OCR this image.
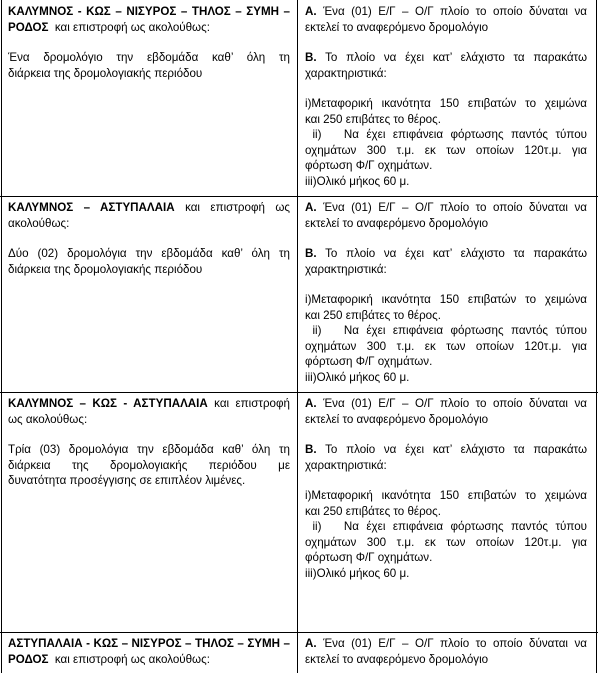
ΚΑΛΥΜΝΟΣ - ΚΩΣ – ΝΙΣΥΡΟΣ – ΤΗΛΟΣ – ΣΥΜΗ –
ΡΟΔΟΣ και επιστροφή ως ακολούθως:
Ένα δρομολόγιο την εβδομάδα καθ’ όλη τη
διάρκεια της δρομολογιακής περιόδου
Α. Ένα (01) Ε/Γ – Ο/Γ πλοίο το οποίο δύναται να
εκτελεί το αναφερόμενο δρομολόγιο
Β. Το πλοίο να έχει κατ’ ελάχιστο τα παρακάτω
χαρακτηριστικά:
i)Μεταφορική ικανότητα 150 επιβατών το χειμώνα
και 250 επιβάτες το θέρος.
ii)   Να έχει επιφάνεια φόρτωσης παντός τύπου
οχημάτων 300 τ.μ. εκ των οποίων 120τ.μ. για
φόρτωση Φ/Γ οχημάτων.
iii)Ολικό μήκος 60 μ.
ΚΑΛΥΜΝΟΣ – ΑΣΤΥΠΑΛΑΙΑ και επιστροφή ως
ακολούθως:
Δύο (02) δρομολόγια την εβδομάδα καθ’ όλη τη
διάρκεια της δρομολογιακής περιόδου
Α. Ένα (01) Ε/Γ – Ο/Γ πλοίο το οποίο δύναται να
εκτελεί το αναφερόμενο δρομολόγιο
Β. Το πλοίο να έχει κατ’ ελάχιστο τα παρακάτω
χαρακτηριστικά:
i)Μεταφορική ικανότητα 150 επιβατών το χειμώνα
και 250 επιβάτες το θέρος.
ii)   Να έχει επιφάνεια φόρτωσης παντός τύπου
οχημάτων 300 τ.μ. εκ των οποίων 120τ.μ. για
φόρτωση Φ/Γ οχημάτων.
iii)Ολικό μήκος 60 μ.
ΚΑΛΥΜΝΟΣ – ΚΩΣ - ΑΣΤΥΠΑΛΑΙΑ και επιστροφή
ως ακολούθως:
Τρία (03) δρομολόγια την εβδομάδα καθ’ όλη τη
διάρκεια της δρομολογιακής περιόδου με
δυνατότητα προσέγγισης σε επιπλέον λιμένες.
Α. Ένα (01) Ε/Γ – Ο/Γ πλοίο το οποίο δύναται να
εκτελεί το αναφερόμενο δρομολόγιο
Β. Το πλοίο να έχει κατ’ ελάχιστο τα παρακάτω
χαρακτηριστικά:
i)Μεταφορική ικανότητα 150 επιβατών το χειμώνα
και 250 επιβάτες το θέρος.
ii)   Να έχει επιφάνεια φόρτωσης παντός τύπου
οχημάτων 300 τ.μ. εκ των οποίων 120τ.μ. για
φόρτωση Φ/Γ οχημάτων.
iii)Ολικό μήκος 60 μ.
ΑΣΤΥΠΑΛΑΙΑ - ΚΩΣ – ΝΙΣΥΡΟΣ – ΤΗΛΟΣ – ΣΥΜΗ –
ΡΟΔΟΣ και επιστροφή ως ακολούθως:
Α. Ένα (01) Ε/Γ – Ο/Γ πλοίο το οποίο δύναται να
εκτελεί το αναφερόμενο δρομολόγιο
